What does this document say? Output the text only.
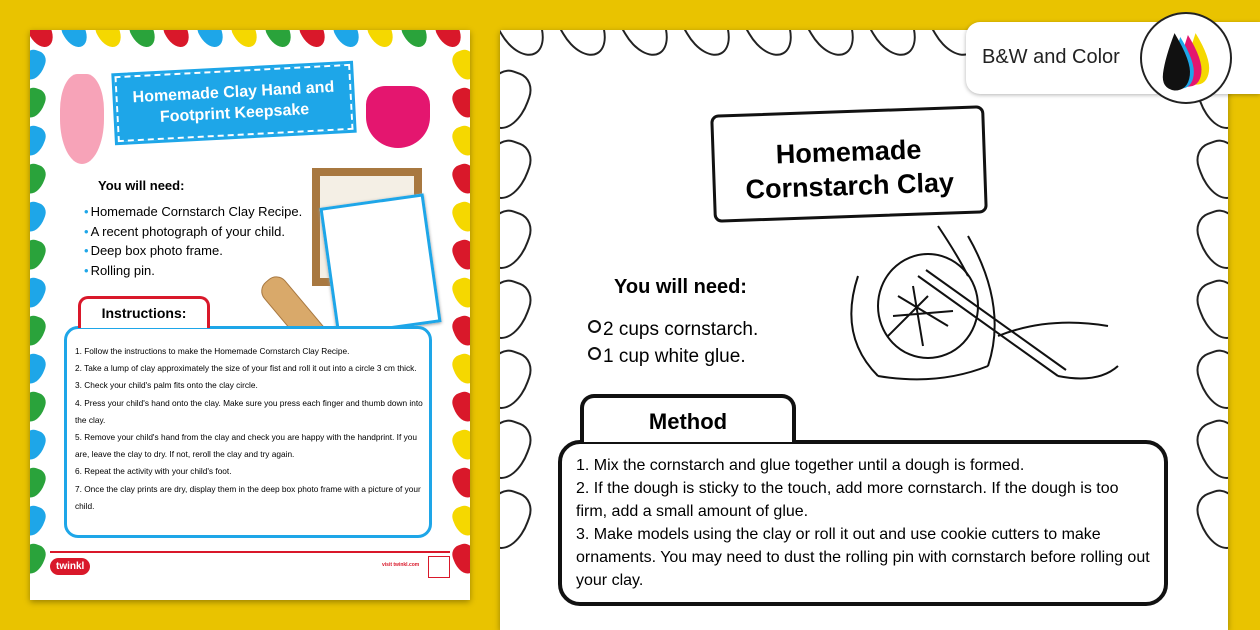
Homemade Clay Hand and Footprint Keepsake
You will need:
• Homemade Cornstarch Clay Recipe.
• A recent photograph of your child.
• Deep box photo frame.
• Rolling pin.
1. Follow the instructions to make the Homemade Cornstarch Clay Recipe.
2. Take a lump of clay approximately the size of your fist and roll it out into a circle 3 cm thick.
3. Check your child's palm fits onto the clay circle.
4. Press your child's hand onto the clay. Make sure you press each finger and thumb down into the clay.
5. Remove your child's hand from the clay and check you are happy with the handprint. If you are, leave the clay to dry. If not, reroll the clay and try again.
6. Repeat the activity with your child's foot.
7. Once the clay prints are dry, display them in the deep box photo frame with a picture of your child.
Instructions:
twinkl	visit twinkl.com
Homemade Cornstarch Clay
You will need:
2 cups cornstarch.
1 cup white glue.
1. Mix the cornstarch and glue together until a dough is formed.
2. If the dough is sticky to the touch, add more cornstarch. If the dough is too firm, add a small amount of glue.
3. Make models using the clay or roll it out and use cookie cutters to make ornaments. You may need to dust the rolling pin with cornstarch before rolling out your clay.
Method
B&W and Color
